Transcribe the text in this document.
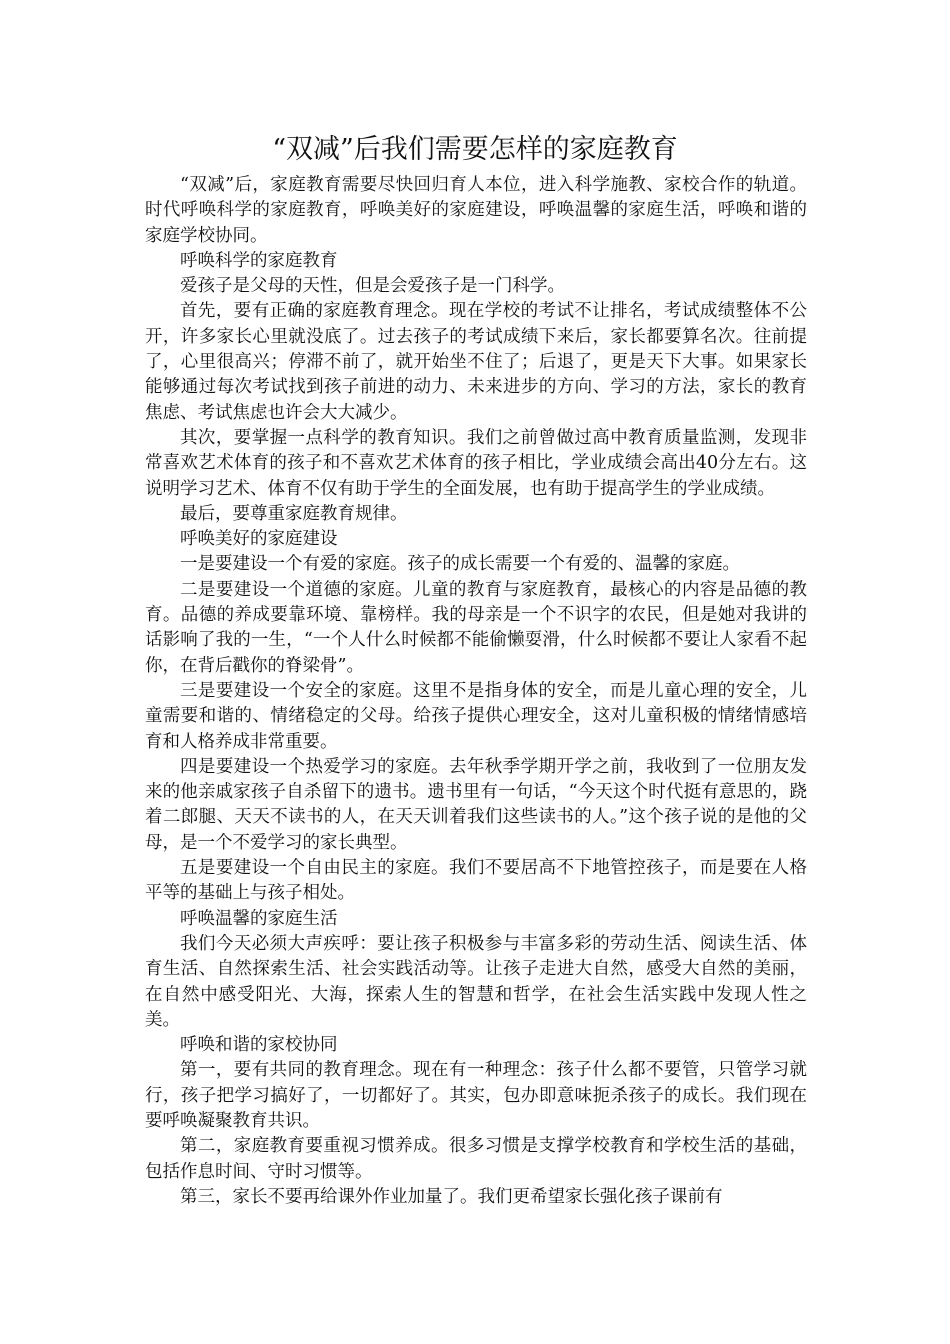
“双减”后我们需要怎样的家庭教育

“双减”后，家庭教育需要尽快回归育人本位，进入科学施教、家校合作的轨道。时代呼唤科学的家庭教育，呼唤美好的家庭建设，呼唤温馨的家庭生活，呼唤和谐的家庭学校协同。

呼唤科学的家庭教育

爱孩子是父母的天性，但是会爱孩子是一门科学。

首先，要有正确的家庭教育理念。现在学校的考试不让排名，考试成绩整体不公开，许多家长心里就没底了。过去孩子的考试成绩下来后，家长都要算名次。往前提了，心里很高兴；停滞不前了，就开始坐不住了；后退了，更是天下大事。如果家长能够通过每次考试找到孩子前进的动力、未来进步的方向、学习的方法，家长的教育焦虑、考试焦虑也许会大大减少。

其次，要掌握一点科学的教育知识。我们之前曾做过高中教育质量监测，发现非常喜欢艺术体育的孩子和不喜欢艺术体育的孩子相比，学业成绩会高出40分左右。这说明学习艺术、体育不仅有助于学生的全面发展，也有助于提高学生的学业成绩。

最后，要尊重家庭教育规律。

呼唤美好的家庭建设

一是要建设一个有爱的家庭。孩子的成长需要一个有爱的、温馨的家庭。

二是要建设一个道德的家庭。儿童的教育与家庭教育，最核心的内容是品德的教育。品德的养成要靠环境、靠榜样。我的母亲是一个不识字的农民，但是她对我讲的话影响了我的一生，“一个人什么时候都不能偷懒耍滑，什么时候都不要让人家看不起你，在背后戳你的脊梁骨”。

三是要建设一个安全的家庭。这里不是指身体的安全，而是儿童心理的安全，儿童需要和谐的、情绪稳定的父母。给孩子提供心理安全，这对儿童积极的情绪情感培育和人格养成非常重要。

四是要建设一个热爱学习的家庭。去年秋季学期开学之前，我收到了一位朋友发来的他亲戚家孩子自杀留下的遗书。遗书里有一句话，“今天这个时代挺有意思的，跷着二郎腿、天天不读书的人，在天天训着我们这些读书的人。”这个孩子说的是他的父母，是一个不爱学习的家长典型。

五是要建设一个自由民主的家庭。我们不要居高不下地管控孩子，而是要在人格平等的基础上与孩子相处。

呼唤温馨的家庭生活

我们今天必须大声疾呼：要让孩子积极参与丰富多彩的劳动生活、阅读生活、体育生活、自然探索生活、社会实践活动等。让孩子走进大自然，感受大自然的美丽，在自然中感受阳光、大海，探索人生的智慧和哲学，在社会生活实践中发现人性之美。

呼唤和谐的家校协同

第一，要有共同的教育理念。现在有一种理念：孩子什么都不要管，只管学习就行，孩子把学习搞好了，一切都好了。其实，包办即意味扼杀孩子的成长。我们现在要呼唤凝聚教育共识。

第二，家庭教育要重视习惯养成。很多习惯是支撑学校教育和学校生活的基础，包括作息时间、守时习惯等。

第三，家长不要再给课外作业加量了。我们更希望家长强化孩子课前有
